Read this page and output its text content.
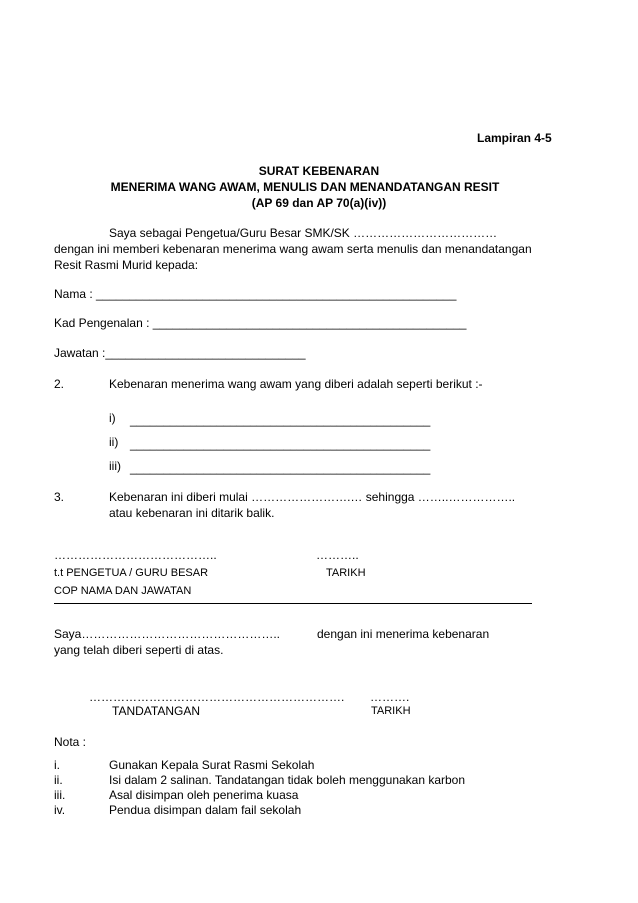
Lampiran 4-5
SURAT KEBENARAN
MENERIMA WANG AWAM, MENULIS DAN MENANDATANGAN RESIT
(AP 69 dan AP 70(a)(iv))
Saya sebagai Pengetua/Guru Besar SMK/SK ………………………………
dengan ini memberi kebenaran menerima wang awam serta menulis dan menandatangan
Resit Rasmi Murid kepada:
Nama : ______________________________________________________
Kad Pengenalan : _______________________________________________
Jawatan :______________________________
2.	Kebenaran menerima wang awam yang diberi adalah seperti berikut :-
i) _____________________________________________
ii) _____________________________________________
iii) _____________________________________________
3.	Kebenaran ini diberi mulai …………………….… sehingga ……..……………..
atau kebenaran ini ditarik balik.
…………………………………..	………..
t.t PENGETUA / GURU BESAR	TARIKH
COP NAMA DAN JAWATAN
Saya…………………………………………..	dengan ini menerima kebenaran
yang telah diberi seperti di atas.
………………………………………………………. ……….
TANDATANGAN	TARIKH
Nota :
i.	Gunakan Kepala Surat Rasmi Sekolah
ii.	Isi dalam 2 salinan. Tandatangan tidak boleh menggunakan karbon
iii.	Asal disimpan oleh penerima kuasa
iv.	Pendua disimpan dalam fail sekolah
